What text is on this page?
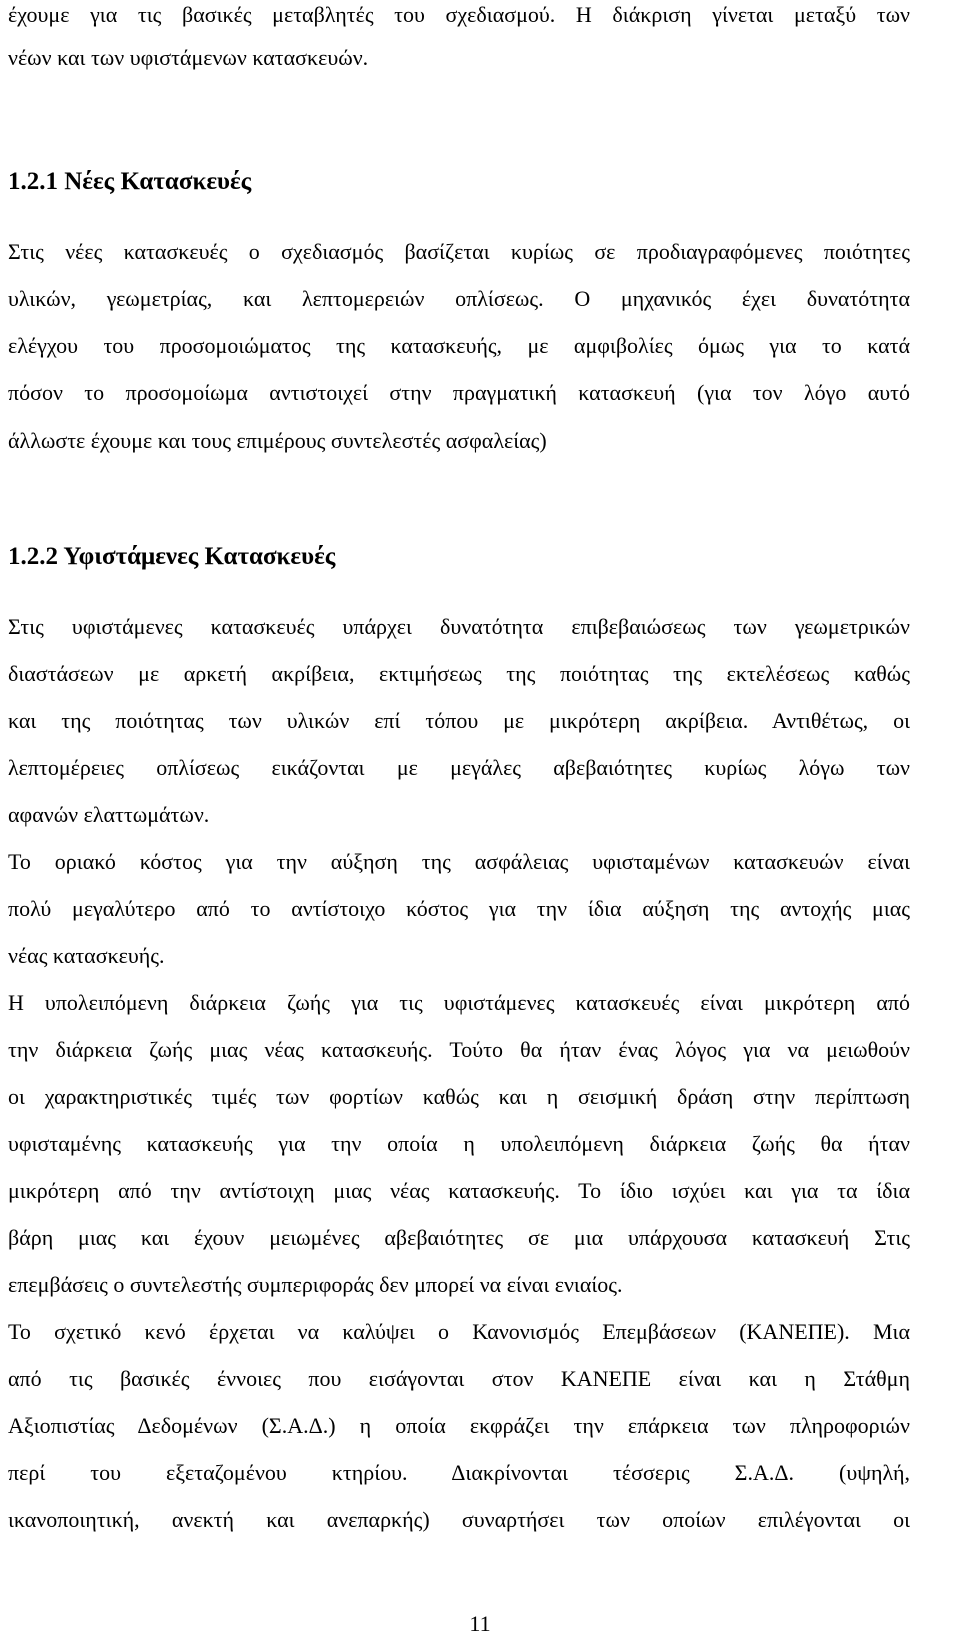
έχουμε για τις βασικές μεταβλητές του σχεδιασμού. Η διάκριση γίνεται μεταξύ των
νέων και των υφιστάμενων κατασκευών.
1.2.1 Νέες Κατασκευές
Στις νέες κατασκευές ο σχεδιασμός βασίζεται κυρίως σε προδιαγραφόμενες ποιότητες
υλικών, γεωμετρίας, και λεπτομερειών οπλίσεως. Ο μηχανικός έχει δυνατότητα
ελέγχου του προσομοιώματος της κατασκευής, με αμφιβολίες όμως για το κατά
πόσον το προσομοίωμα αντιστοιχεί στην πραγματική κατασκευή (για τον λόγο αυτό
άλλωστε έχουμε και τους επιμέρους συντελεστές ασφαλείας)
1.2.2 Υφιστάμενες Κατασκευές
Στις υφιστάμενες κατασκευές υπάρχει δυνατότητα επιβεβαιώσεως των γεωμετρικών
διαστάσεων με αρκετή ακρίβεια, εκτιμήσεως της ποιότητας της εκτελέσεως καθώς
και της ποιότητας των υλικών επί τόπου με μικρότερη ακρίβεια. Αντιθέτως, οι
λεπτομέρειες οπλίσεως εικάζονται με μεγάλες αβεβαιότητες κυρίως λόγω των
αφανών ελαττωμάτων.
Το οριακό κόστος για την αύξηση της ασφάλειας υφισταμένων κατασκευών είναι
πολύ μεγαλύτερο από το αντίστοιχο κόστος για την ίδια αύξηση της αντοχής μιας
νέας κατασκευής.
Η υπολειπόμενη διάρκεια ζωής για τις υφιστάμενες κατασκευές είναι μικρότερη από
την διάρκεια ζωής μιας νέας κατασκευής. Τούτο θα ήταν ένας λόγος για να μειωθούν
οι χαρακτηριστικές τιμές των φορτίων καθώς και η σεισμική δράση στην περίπτωση
υφισταμένης κατασκευής για την οποία η υπολειπόμενη διάρκεια ζωής θα ήταν
μικρότερη από την αντίστοιχη μιας νέας κατασκευής. Το ίδιο ισχύει και για τα ίδια
βάρη μιας και έχουν μειωμένες αβεβαιότητες σε μια υπάρχουσα κατασκευή Στις
επεμβάσεις ο συντελεστής συμπεριφοράς δεν μπορεί να είναι ενιαίος.
Το σχετικό κενό έρχεται να καλύψει ο Κανονισμός Επεμβάσεων (ΚΑΝΕΠΕ). Μια
από τις βασικές έννοιες που εισάγονται στον ΚΑΝΕΠΕ είναι και η Στάθμη
Αξιοπιστίας Δεδομένων (Σ.Α.Δ.) η οποία εκφράζει την επάρκεια των πληροφοριών
περί του εξεταζομένου κτηρίου. Διακρίνονται τέσσερις Σ.Α.Δ. (υψηλή,
ικανοποιητική, ανεκτή και ανεπαρκής) συναρτήσει των οποίων επιλέγονται οι
11
